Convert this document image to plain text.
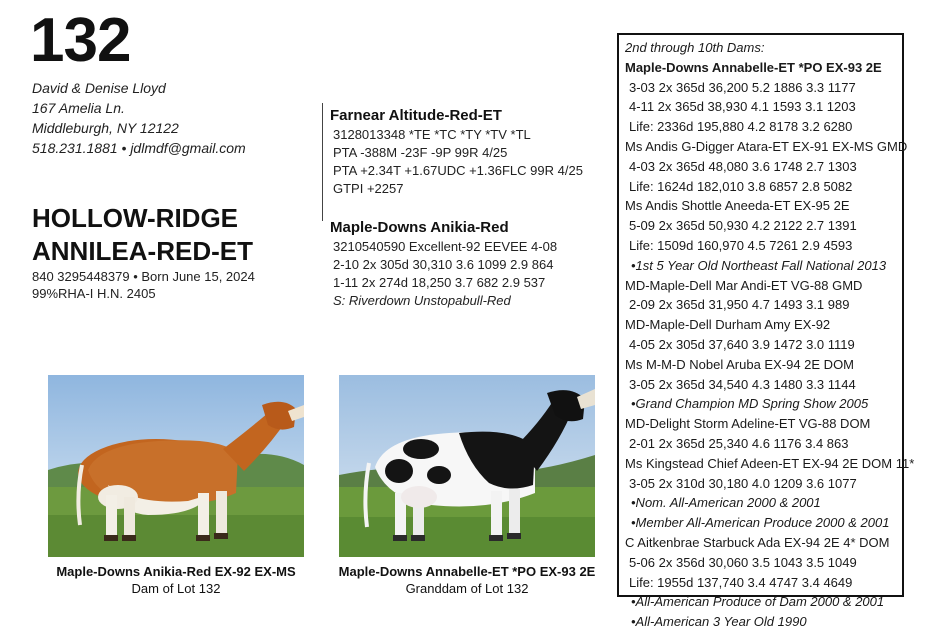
132
David & Denise Lloyd
167 Amelia Ln.
Middleburgh, NY 12122
518.231.1881 • jdlmdf@gmail.com
HOLLOW-RIDGE
ANNILEA-RED-ET
840 3295448379 • Born June 15, 2024
99%RHA-I H.N. 2405
Farnear Altitude-Red-ET
3128013348 *TE *TC *TY *TV *TL
PTA -388M -23F -9P 99R 4/25
PTA +2.34T +1.67UDC +1.36FLC 99R 4/25
GTPI +2257
Maple-Downs Anikia-Red
3210540590 Excellent-92 EEVEE 4-08
2-10 2x 305d 30,310 3.6 1099 2.9 864
1-11 2x 274d 18,250 3.7 682 2.9 537
S: Riverdown Unstopabull-Red
Maple-Downs Anikia-Red EX-92 EX-MS
Dam of Lot 132
Maple-Downs Annabelle-ET *PO EX-93 2E
Granddam of Lot 132
2nd through 10th Dams:
Maple-Downs Annabelle-ET *PO EX-93 2E
3-03 2x 365d 36,200 5.2 1886 3.3 1177
4-11 2x 365d 38,930 4.1 1593 3.1 1203
Life: 2336d 195,880 4.2 8178 3.2 6280
Ms Andis G-Digger Atara-ET EX-91 EX-MS GMD
4-03 2x 365d 48,080 3.6 1748 2.7 1303
Life: 1624d 182,010 3.8 6857 2.8 5082
Ms Andis Shottle Aneeda-ET EX-95 2E
5-09 2x 365d 50,930 4.2 2122 2.7 1391
Life: 1509d 160,970 4.5 7261 2.9 4593
•1st 5 Year Old Northeast Fall National 2013
MD-Maple-Dell Mar Andi-ET VG-88 GMD
2-09 2x 365d 31,950 4.7 1493 3.1 989
MD-Maple-Dell Durham Amy EX-92
4-05 2x 305d 37,640 3.9 1472 3.0 1119
Ms M-M-D Nobel Aruba EX-94 2E DOM
3-05 2x 365d 34,540 4.3 1480 3.3 1144
•Grand Champion MD Spring Show 2005
MD-Delight Storm Adeline-ET VG-88 DOM
2-01 2x 365d 25,340 4.6 1176 3.4 863
Ms Kingstead Chief Adeen-ET EX-94 2E DOM 11*
3-05 2x 310d 30,180 4.0 1209 3.6 1077
•Nom. All-American 2000 & 2001
•Member All-American Produce 2000 & 2001
C Aitkenbrae Starbuck Ada EX-94 2E 4* DOM
5-06 2x 356d 30,060 3.5 1043 3.5 1049
Life: 1955d 137,740 3.4 4747 3.4 4649
•All-American Produce of Dam 2000 & 2001
•All-American 3 Year Old 1990
